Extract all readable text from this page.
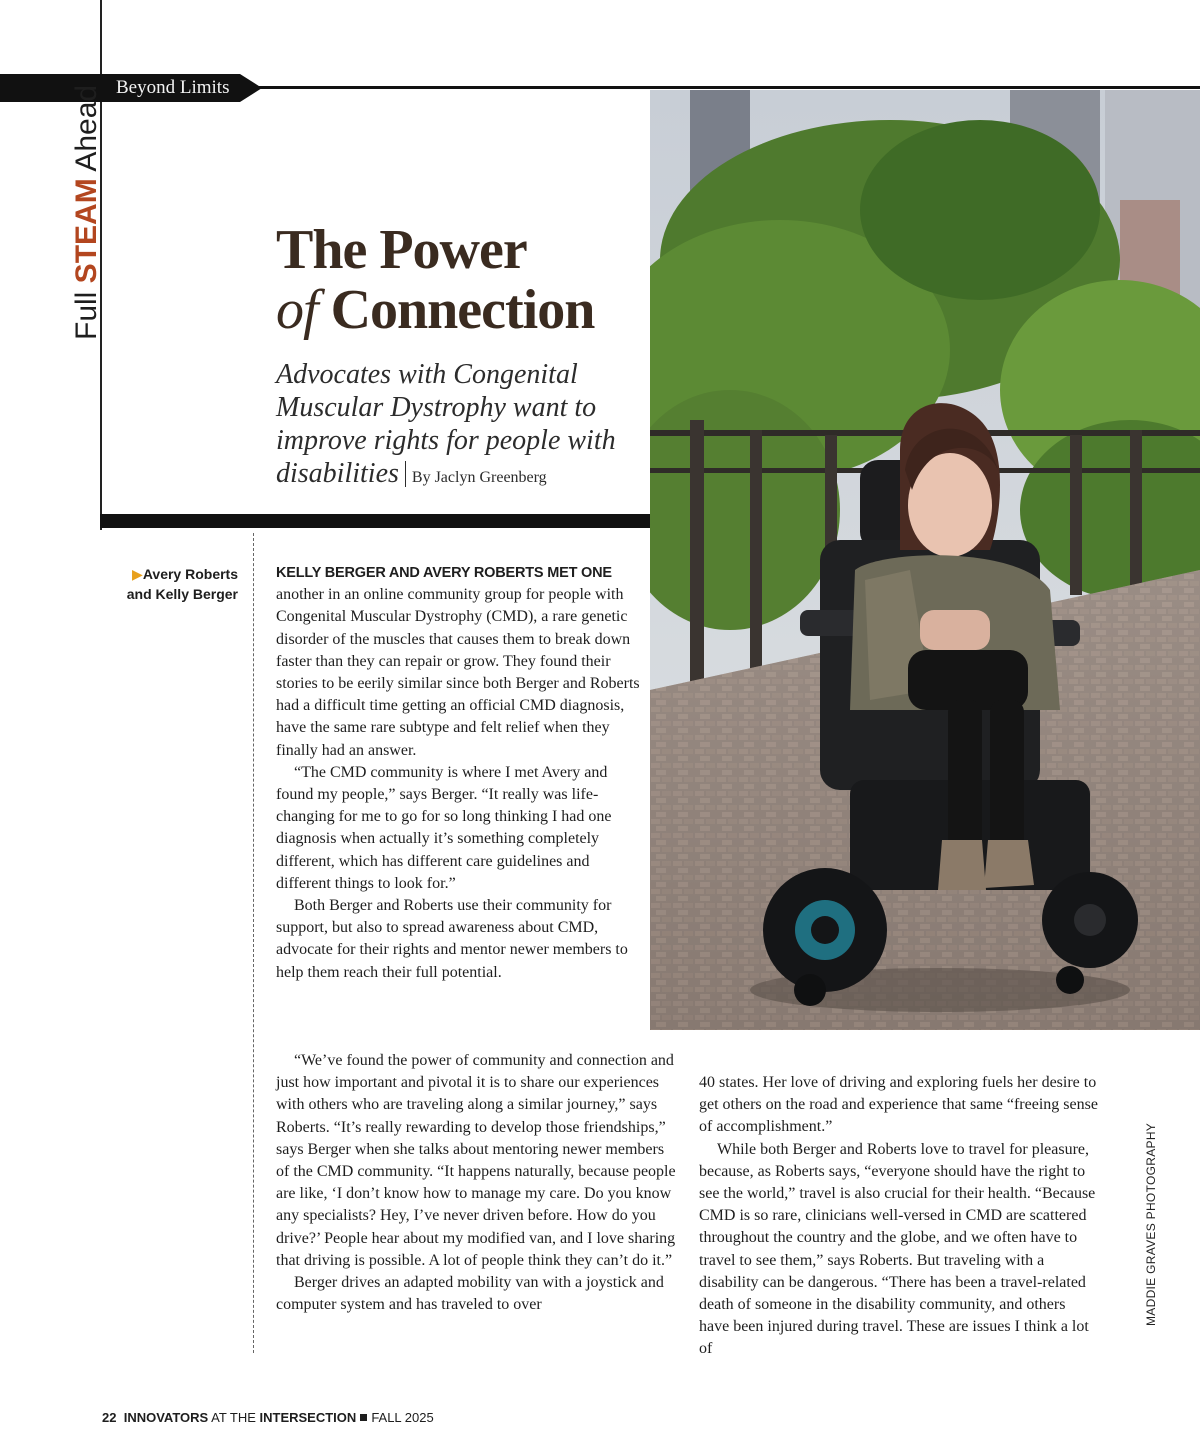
Beyond Limits
Full STEAM Ahead
The Power
of Connection

Advocates with Congenital Muscular Dystrophy want to improve rights for people with disabilities By Jaclyn Greenberg

▶Avery Roberts and Kelly Berger

KELLY BERGER AND AVERY ROBERTS MET ONE another in an online community group for people with Congenital Muscular Dystrophy (CMD), a rare genetic disorder of the muscles that causes them to break down faster than they can repair or grow. They found their stories to be eerily similar since both Berger and Roberts had a difficult time getting an official CMD diagnosis, have the same rare subtype and felt relief when they finally had an answer.

“The CMD community is where I met Avery and found my people,” says Berger. “It really was life-changing for me to go for so long thinking I had one diagnosis when actually it’s something completely different, which has different care guidelines and different things to look for.”

Both Berger and Roberts use their community for support, but also to spread awareness about CMD, advocate for their rights and mentor newer members to help them reach their full potential.

“We’ve found the power of community and connection and just how important and pivotal it is to share our experiences with others who are traveling along a similar journey,” says Roberts. “It’s really rewarding to develop those friendships,” says Berger when she talks about mentoring newer members of the CMD community. “It happens naturally, because people are like, ‘I don’t know how to manage my care. Do you know any specialists? Hey, I’ve never driven before. How do you drive?’ People hear about my modified van, and I love sharing that driving is possible. A lot of people think they can’t do it.”

Berger drives an adapted mobility van with a joystick and computer system and has traveled to over

40 states. Her love of driving and exploring fuels her desire to get others on the road and experience that same “freeing sense of accomplishment.”

While both Berger and Roberts love to travel for pleasure, because, as Roberts says, “everyone should have the right to see the world,” travel is also crucial for their health. “Because CMD is so rare, clinicians well-versed in CMD are scattered throughout the country and the globe, and we often have to travel to see them,” says Roberts. But traveling with a disability can be dangerous. “There has been a travel-related death of someone in the disability community, and others have been injured during travel. These are issues I think a lot of

MADDIE GRAVES PHOTOGRAPHY
22 INNOVATORS AT THE INTERSECTION FALL 2025
